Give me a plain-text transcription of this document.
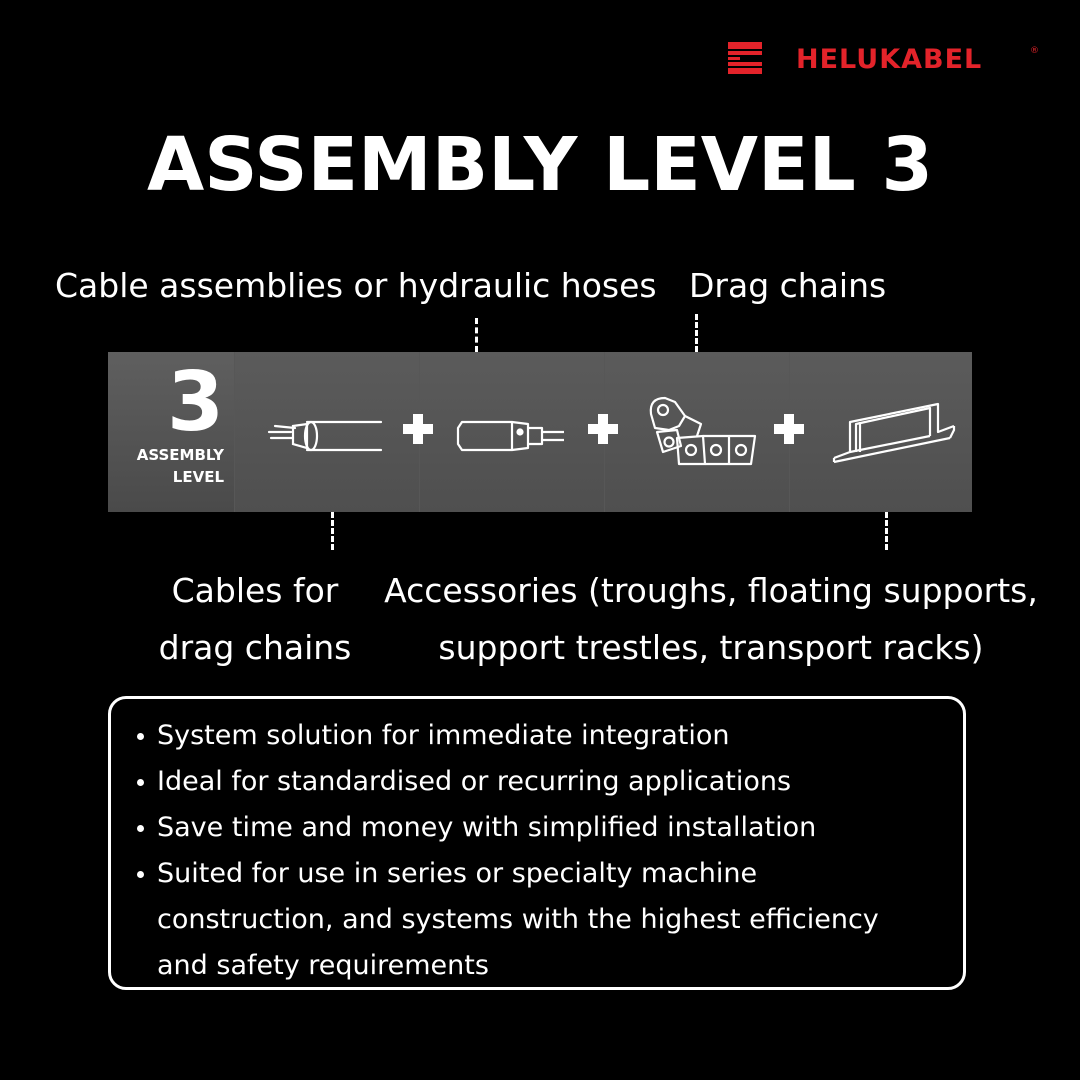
HELUKABEL	®
ASSEMBLY LEVEL 3
Cable assemblies or hydraulic hoses Drag chains
3
ASSEMBLY
LEVEL
Cables for
drag chains
Accessories (troughs, floating supports,
support trestles, transport racks)
System solution for immediate integration
Ideal for standardised or recurring applications
Save time and money with simplified installation
Suited for use in series or specialty machine construction, and systems with the highest efficiency and safety requirements
